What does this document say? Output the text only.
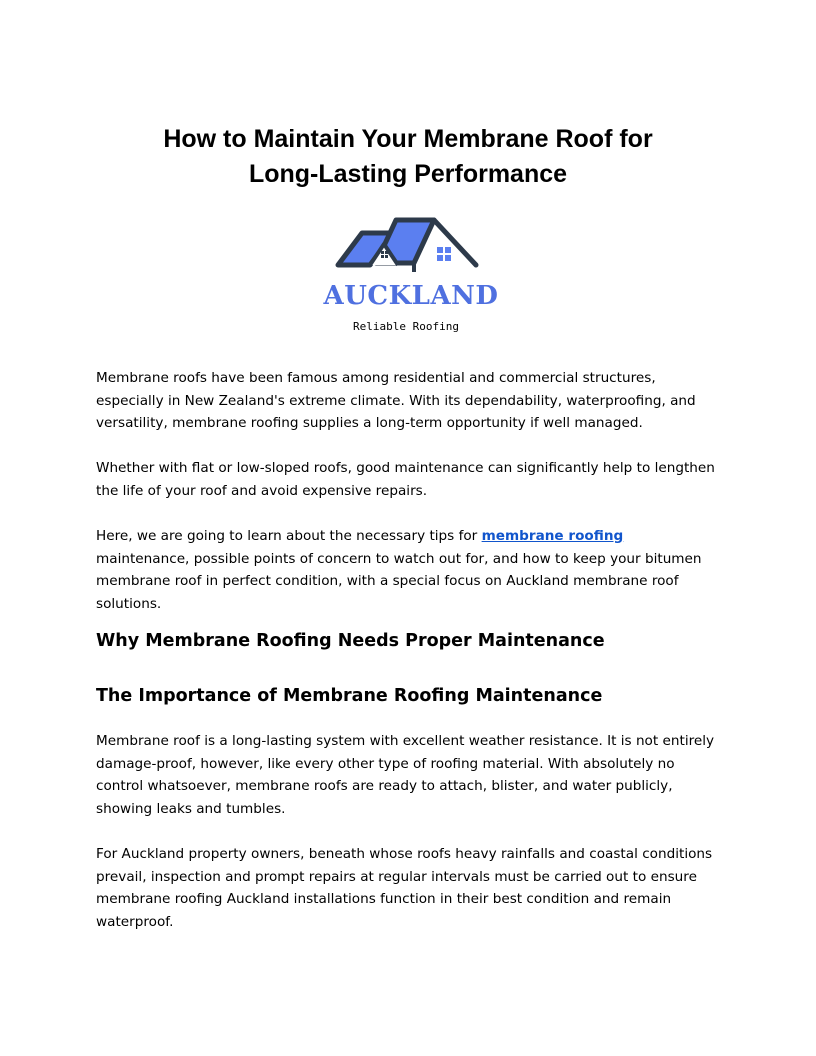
How to Maintain Your Membrane Roof for
Long-Lasting Performance
AUCKLAND
Reliable Roofing

Membrane roofs have been famous among residential and commercial structures, especially in New Zealand's extreme climate. With its dependability, waterproofing, and versatility, membrane roofing supplies a long-term opportunity if well managed.

Whether with flat or low-sloped roofs, good maintenance can significantly help to lengthen the life of your roof and avoid expensive repairs.

Here, we are going to learn about the necessary tips for membrane roofing maintenance, possible points of concern to watch out for, and how to keep your bitumen membrane roof in perfect condition, with a special focus on Auckland membrane roof solutions.

Why Membrane Roofing Needs Proper Maintenance
The Importance of Membrane Roofing Maintenance

Membrane roof is a long-lasting system with excellent weather resistance. It is not entirely damage-proof, however, like every other type of roofing material. With absolutely no control whatsoever, membrane roofs are ready to attach, blister, and water publicly, showing leaks and tumbles.

For Auckland property owners, beneath whose roofs heavy rainfalls and coastal conditions prevail, inspection and prompt repairs at regular intervals must be carried out to ensure membrane roofing Auckland installations function in their best condition and remain waterproof.
